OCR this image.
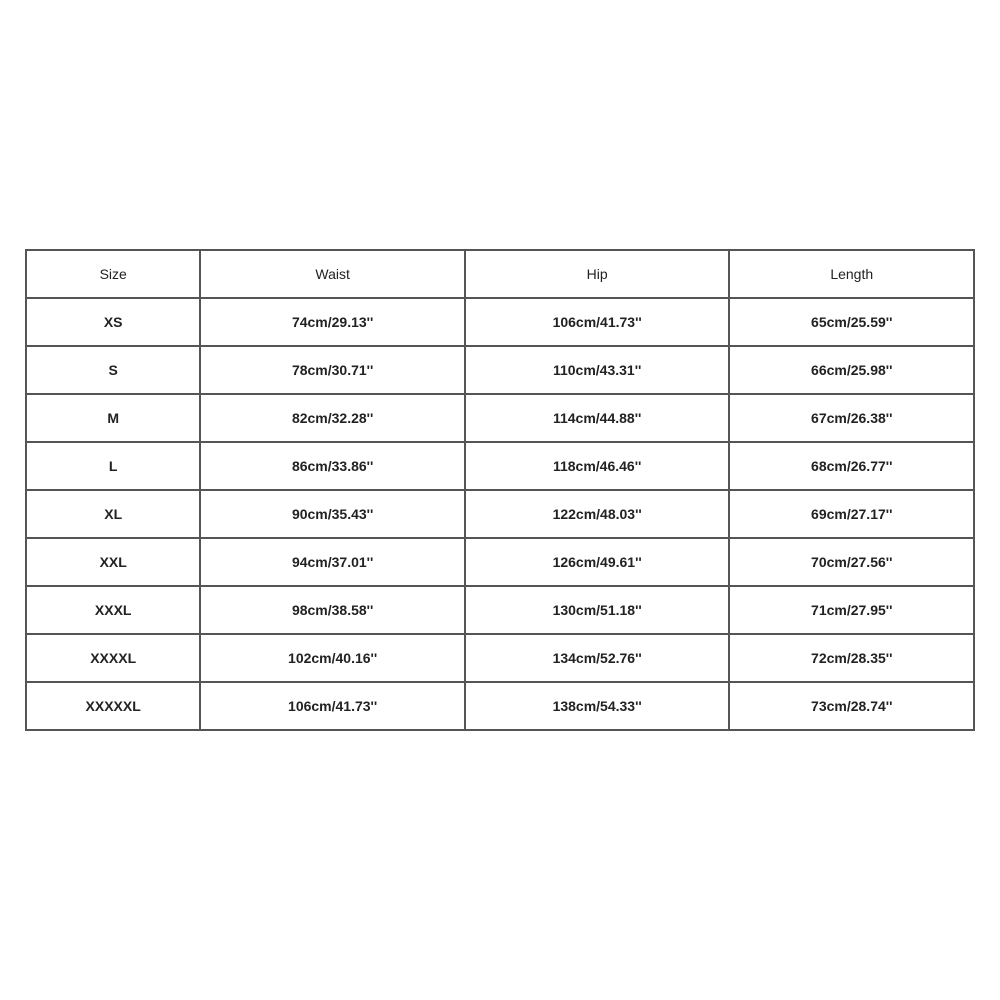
Size	Waist	Hip	Length
XS	74cm/29.13''	106cm/41.73''	65cm/25.59''
S	78cm/30.71''	110cm/43.31''	66cm/25.98''
M	82cm/32.28''	114cm/44.88''	67cm/26.38''
L	86cm/33.86''	118cm/46.46''	68cm/26.77''
XL	90cm/35.43''	122cm/48.03''	69cm/27.17''
XXL	94cm/37.01''	126cm/49.61''	70cm/27.56''
XXXL	98cm/38.58''	130cm/51.18''	71cm/27.95''
XXXXL	102cm/40.16''	134cm/52.76''	72cm/28.35''
XXXXXL	106cm/41.73''	138cm/54.33''	73cm/28.74''
